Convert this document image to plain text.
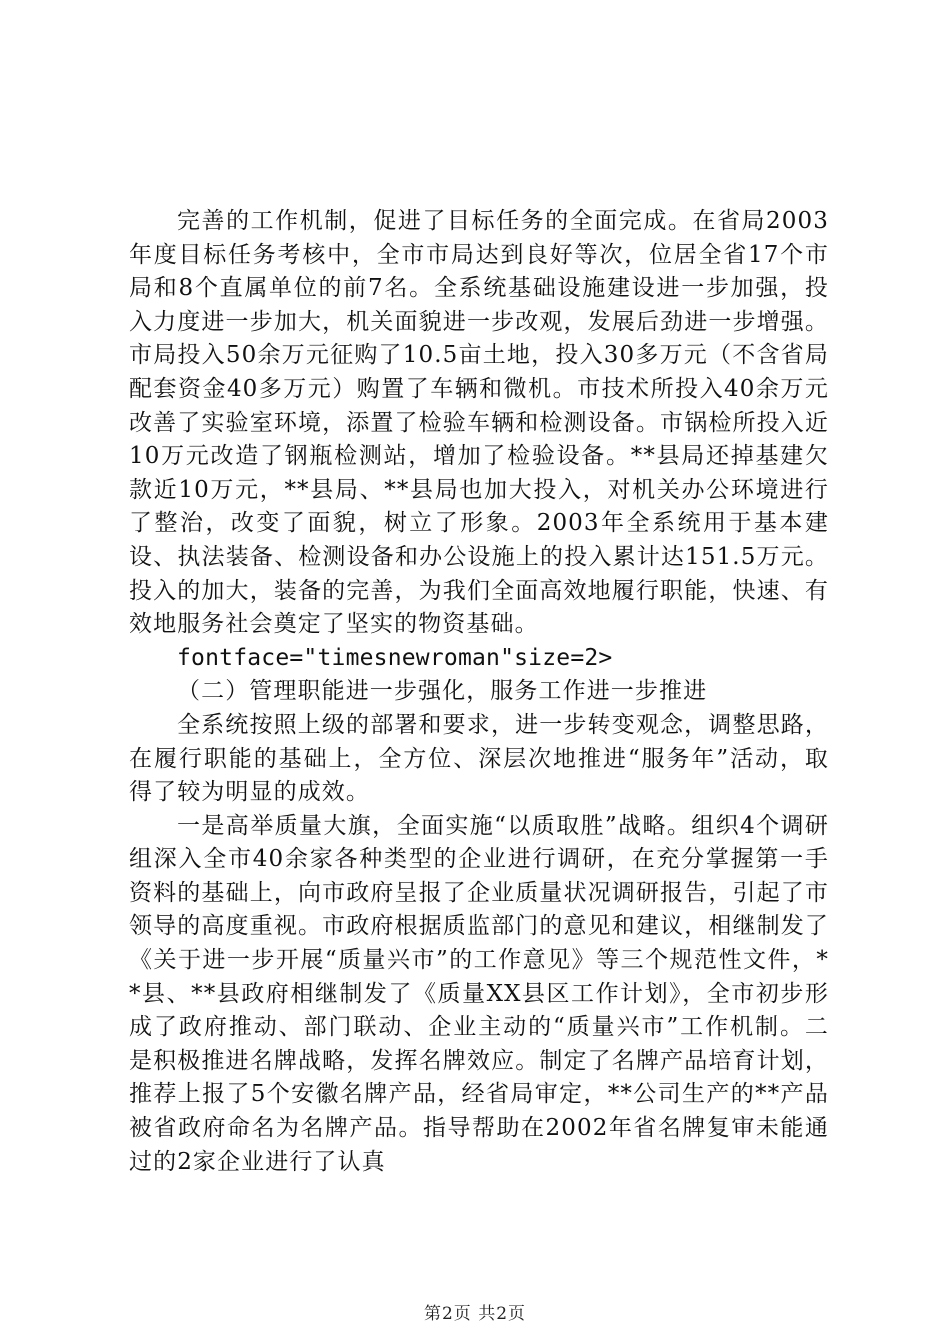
完善的工作机制，促进了目标任务的全面完成。在省局2003年度目标任务考核中，全市市局达到良好等次，位居全省17个市局和8个直属单位的前7名。全系统基础设施建设进一步加强，投入力度进一步加大，机关面貌进一步改观，发展后劲进一步增强。市局投入50余万元征购了10.5亩土地，投入30多万元（不含省局配套资金40多万元）购置了车辆和微机。市技术所投入40余万元改善了实验室环境，添置了检验车辆和检测设备。市锅检所投入近10万元改造了钢瓶检测站，增加了检验设备。**县局还掉基建欠款近10万元，**县局、**县局也加大投入，对机关办公环境进行了整治，改变了面貌，树立了形象。2003年全系统用于基本建设、执法装备、检测设备和办公设施上的投入累计达151.5万元。投入的加大，装备的完善，为我们全面高效地履行职能，快速、有效地服务社会奠定了坚实的物资基础。

fontface="timesnewroman"size=2>

（二）管理职能进一步强化，服务工作进一步推进

全系统按照上级的部署和要求，进一步转变观念，调整思路，在履行职能的基础上，全方位、深层次地推进“服务年”活动，取得了较为明显的成效。

一是高举质量大旗，全面实施“以质取胜”战略。组织4个调研组深入全市40余家各种类型的企业进行调研，在充分掌握第一手资料的基础上，向市政府呈报了企业质量状况调研报告，引起了市领导的高度重视。市政府根据质监部门的意见和建议，相继制发了《关于进一步开展“质量兴市”的工作意见》等三个规范性文件，**县、**县政府相继制发了《质量XX县区工作计划》，全市初步形成了政府推动、部门联动、企业主动的“质量兴市”工作机制。二是积极推进名牌战略，发挥名牌效应。制定了名牌产品培育计划，推荐上报了5个安徽名牌产品，经省局审定，**公司生产的**产品被省政府命名为名牌产品。指导帮助在2002年省名牌复审未能通过的2家企业进行了认真

第2页 共2页
